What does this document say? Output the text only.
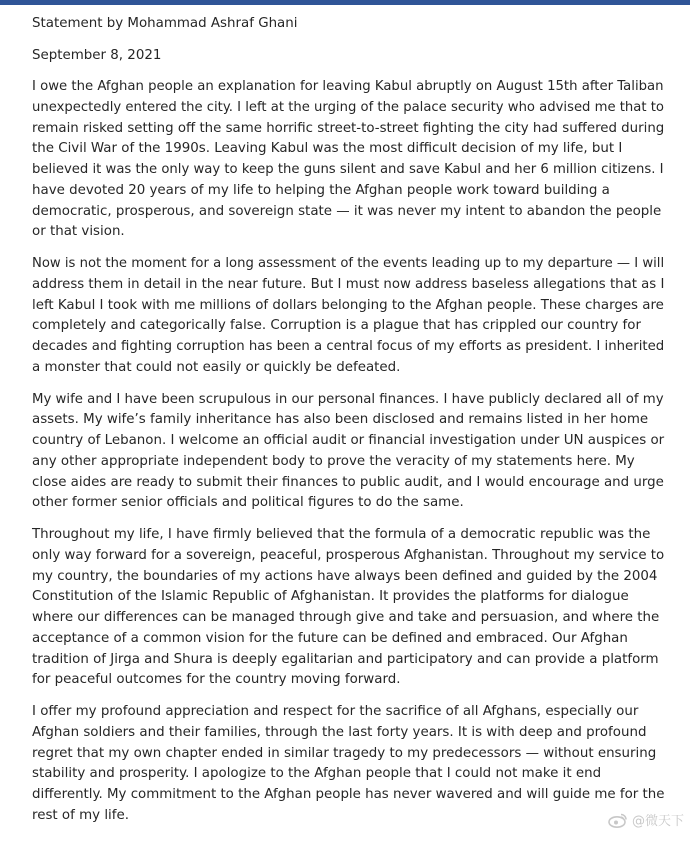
Statement by Mohammad Ashraf Ghani

September 8, 2021

I owe the Afghan people an explanation for leaving Kabul abruptly on August 15th after Taliban
unexpectedly entered the city. I left at the urging of the palace security who advised me that to
remain risked setting off the same horrific street-to-street fighting the city had suffered during
the Civil War of the 1990s. Leaving Kabul was the most difficult decision of my life, but I
believed it was the only way to keep the guns silent and save Kabul and her 6 million citizens. I
have devoted 20 years of my life to helping the Afghan people work toward building a
democratic, prosperous, and sovereign state — it was never my intent to abandon the people
or that vision.

Now is not the moment for a long assessment of the events leading up to my departure — I will
address them in detail in the near future. But I must now address baseless allegations that as I
left Kabul I took with me millions of dollars belonging to the Afghan people. These charges are
completely and categorically false. Corruption is a plague that has crippled our country for
decades and fighting corruption has been a central focus of my efforts as president. I inherited
a monster that could not easily or quickly be defeated.

My wife and I have been scrupulous in our personal finances. I have publicly declared all of my
assets. My wife’s family inheritance has also been disclosed and remains listed in her home
country of Lebanon. I welcome an official audit or financial investigation under UN auspices or
any other appropriate independent body to prove the veracity of my statements here. My
close aides are ready to submit their finances to public audit, and I would encourage and urge
other former senior officials and political figures to do the same.

Throughout my life, I have firmly believed that the formula of a democratic republic was the
only way forward for a sovereign, peaceful, prosperous Afghanistan. Throughout my service to
my country, the boundaries of my actions have always been defined and guided by the 2004
Constitution of the Islamic Republic of Afghanistan. It provides the platforms for dialogue
where our differences can be managed through give and take and persuasion, and where the
acceptance of a common vision for the future can be defined and embraced. Our Afghan
tradition of Jirga and Shura is deeply egalitarian and participatory and can provide a platform
for peaceful outcomes for the country moving forward.

I offer my profound appreciation and respect for the sacrifice of all Afghans, especially our
Afghan soldiers and their families, through the last forty years. It is with deep and profound
regret that my own chapter ended in similar tragedy to my predecessors — without ensuring
stability and prosperity. I apologize to the Afghan people that I could not make it end
differently. My commitment to the Afghan people has never wavered and will guide me for the
rest of my life.	@微天下
